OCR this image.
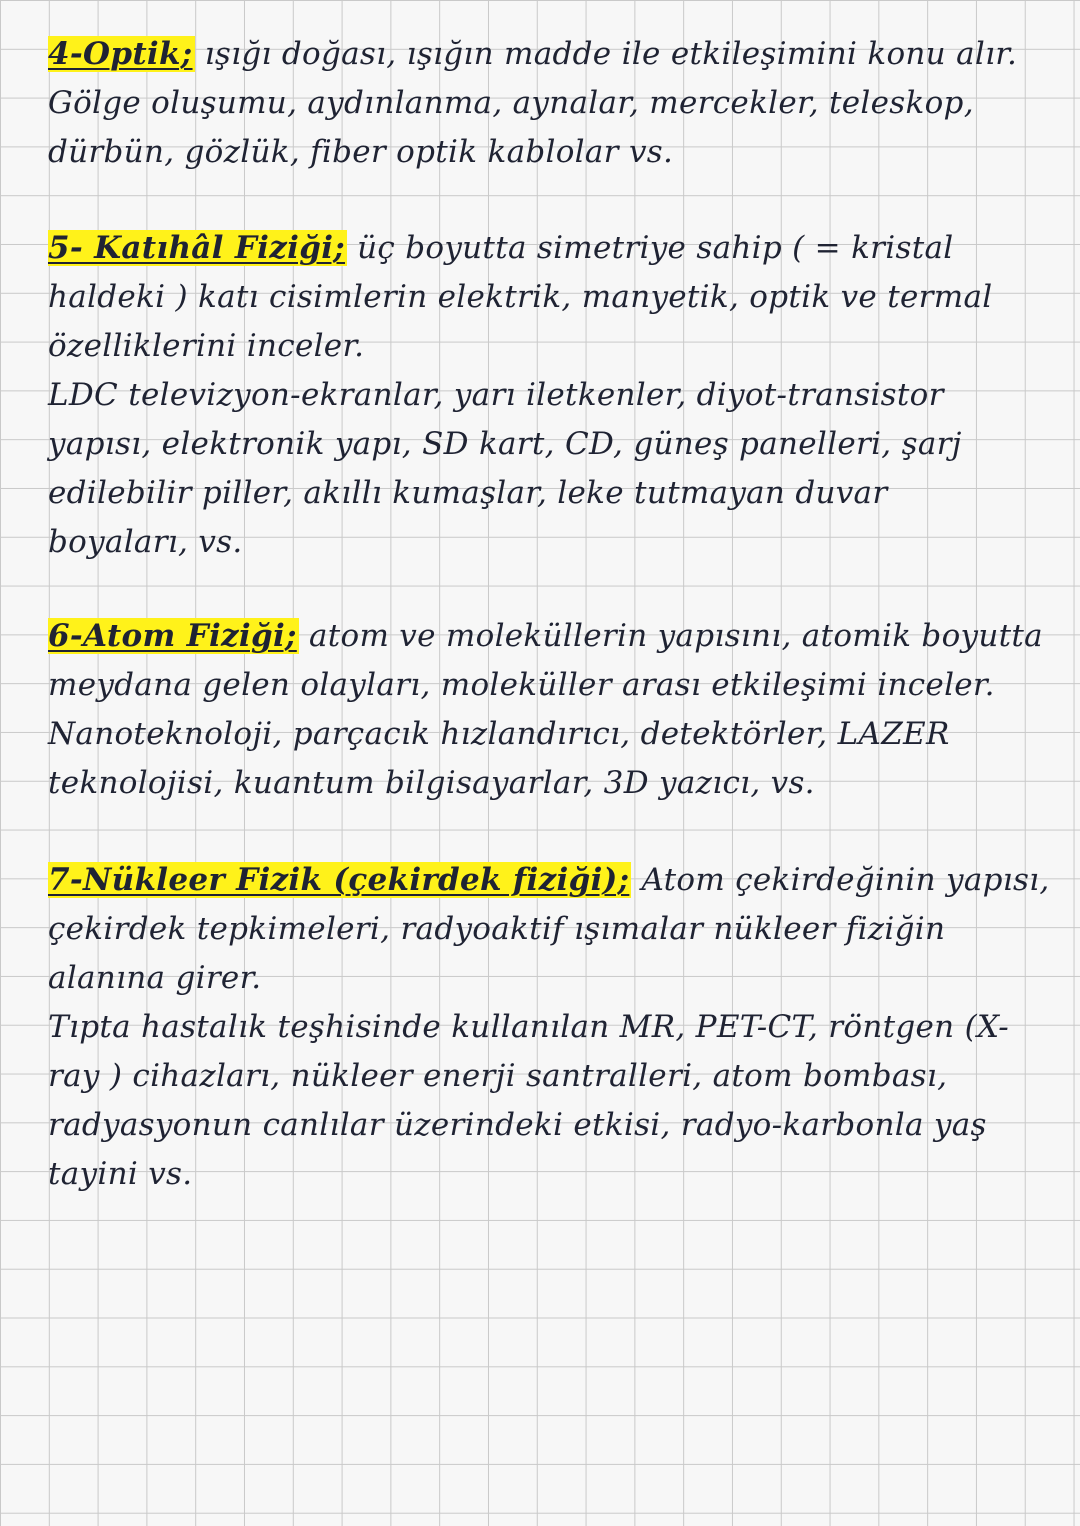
4-Optik; ışığı doğası, ışığın madde ile etkileşimini konu alır.
Gölge oluşumu, aydınlanma, aynalar, mercekler, teleskop,
dürbün, gözlük, fiber optik kablolar vs.
5- Katıhâl Fiziği; üç boyutta simetriye sahip ( = kristal
haldeki ) katı cisimlerin elektrik, manyetik, optik ve termal
özelliklerini inceler.
LDC televizyon-ekranlar, yarı iletkenler, diyot-transistor
yapısı, elektronik yapı, SD kart, CD, güneş panelleri, şarj
edilebilir piller, akıllı kumaşlar, leke tutmayan duvar
boyaları, vs.
6-Atom Fiziği; atom ve moleküllerin yapısını, atomik boyutta
meydana gelen olayları, moleküller arası etkileşimi inceler.
Nanoteknoloji, parçacık hızlandırıcı, detektörler, LAZER
teknolojisi, kuantum bilgisayarlar, 3D yazıcı, vs.
7-Nükleer Fizik (çekirdek fiziği); Atom çekirdeğinin yapısı,
çekirdek tepkimeleri, radyoaktif ışımalar nükleer fiziğin
alanına girer.
Tıpta hastalık teşhisinde kullanılan MR, PET-CT, röntgen (X-
ray ) cihazları, nükleer enerji santralleri, atom bombası,
radyasyonun canlılar üzerindeki etkisi, radyo-karbonla yaş
tayini vs.
